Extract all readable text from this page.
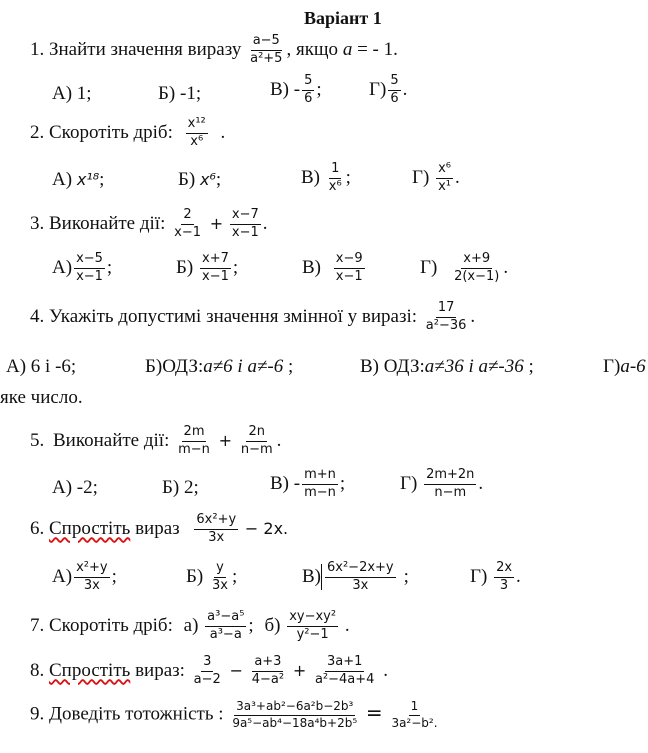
Варіант 1
1. Знайти значення виразу $\frac{a-5}{\text{a²+5}}$ , якщо a = - 1.
А) 1;	Б) -1;	$В) - \frac{5}{6}$ ; $Г) \frac{5}{6}$ .
2. Скоротіть дріб: $\frac{\text{x¹²}}{\text{x⁶}}$ .
А) x¹⁸;	Б) x⁶;	$В) \frac{1}{\text{x⁶}}$ ;	$Г) \frac{\text{x⁶}}{\text{x¹}}$ .
3. Виконайте дії: $\frac{2}{x-1} + \frac{x-7}{x-1}$ .
$А) \frac{x-5}{x-1}$ ;	$Б) \frac{x+7}{x-1}$ ;	$В) \frac{x-9}{x-1}$	$Г) \frac{x+9}{2(x-1)}$ .
4. Укажіть допустимі значення змінної у виразі: $\frac{17}{\text{a²−36}}$ .
А) 6 і -6;	Б)ОДЗ:a≠6 і a≠-6 ;	В) ОДЗ:a≠36 і a≠-36 ;	Г)a-6
яке число.
5. Виконайте дії: $\frac{2m}{m-n} + \frac{2n}{n-m}$ .
А) -2;	Б) 2;	$В) - \frac{m+n}{m-n}$ ;	$Г) \frac{2m+2n}{n-m}$ .
6. Спростіть вираз $\frac{\text{6x²+y}}{3x} - 2x$.
$А) \frac{\text{x²+y}}{3x}$ ;	$Б) \frac{y}{3x}$ ;	$В) \frac{\text{6x²−2x+y}}{3x}$ ;	$Г) \frac{2x}{3}$ .
7. Скоротіть дріб: $а) \frac{\text{a³−a⁵}}{\text{a³−a}}$ ; $б) \frac{\text{xy−xy²}}{\text{y²−1}}$ .
8. Спростіть вираз: $\frac{3}{a-2} - \frac{a+3}{\text{4−a²}} + \frac{3a+1}{\text{a²−4a+4}}$ .
9. Доведіть тотожність : $\frac{\text{3a³+ab²−6a²b−2b³}}{\text{9a⁵−ab⁴−18a⁴b+2b⁵}} = \frac{1}{\text{3a²−b².}}$
